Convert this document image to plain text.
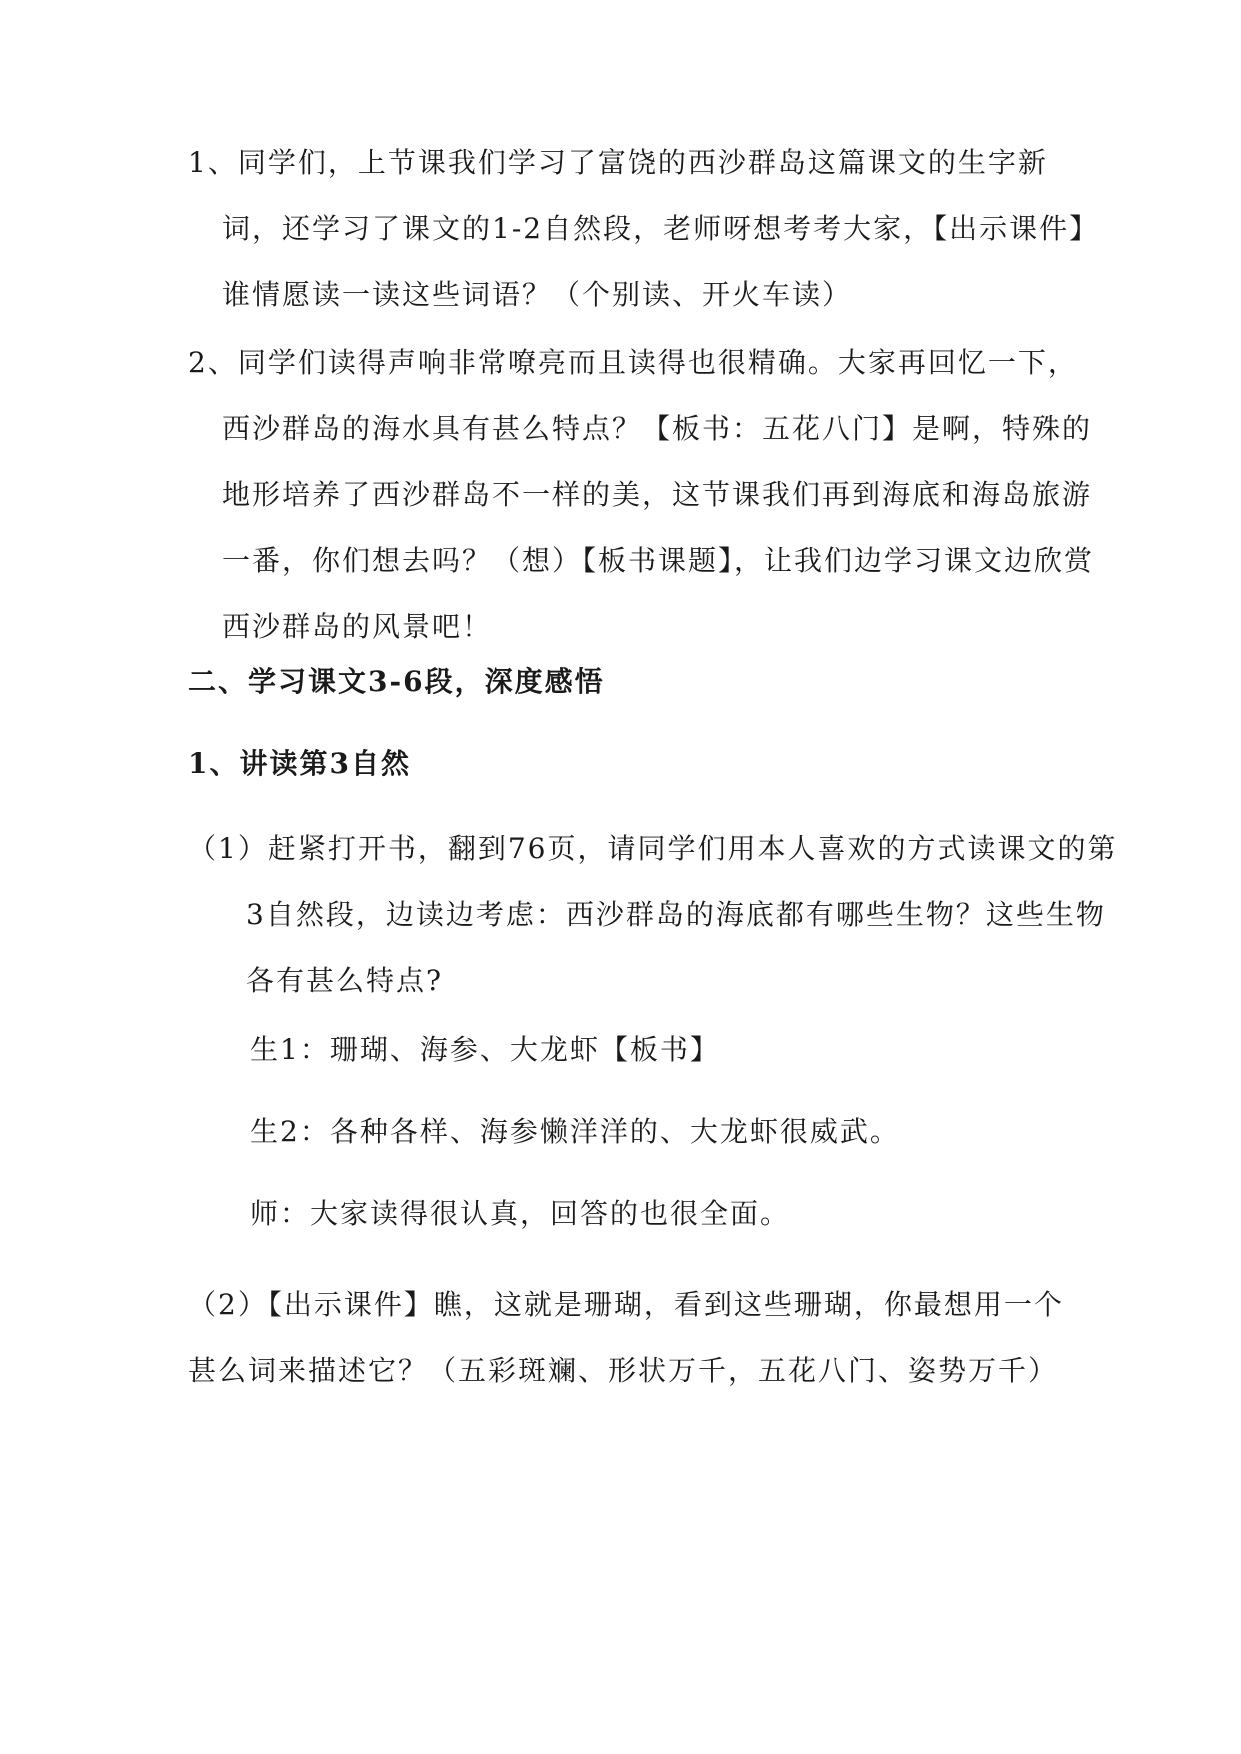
1、同学们，上节课我们学习了富饶的西沙群岛这篇课文的生字新词，还学习了课文的1-2自然段，老师呀想考考大家，【出示课件】谁情愿读一读这些词语？（个别读、开火车读）

2、同学们读得声响非常嘹亮而且读得也很精确。大家再回忆一下，西沙群岛的海水具有甚么特点？【板书：五花八门】是啊，特殊的地形培养了西沙群岛不一样的美，这节课我们再到海底和海岛旅游一番，你们想去吗？（想）【板书课题】，让我们边学习课文边欣赏西沙群岛的风景吧！

二、学习课文3-6段，深度感悟
1、讲读第3自然

（1）赶紧打开书，翻到76页，请同学们用本人喜欢的方式读课文的第3自然段，边读边考虑：西沙群岛的海底都有哪些生物？这些生物各有甚么特点?

生1：珊瑚、海参、大龙虾【板书】

生2：各种各样、海参懒洋洋的、大龙虾很威武。

师：大家读得很认真，回答的也很全面。

（2）【出示课件】瞧，这就是珊瑚，看到这些珊瑚，你最想用一个甚么词来描述它？（五彩斑斓、形状万千，五花八门、姿势万千）
